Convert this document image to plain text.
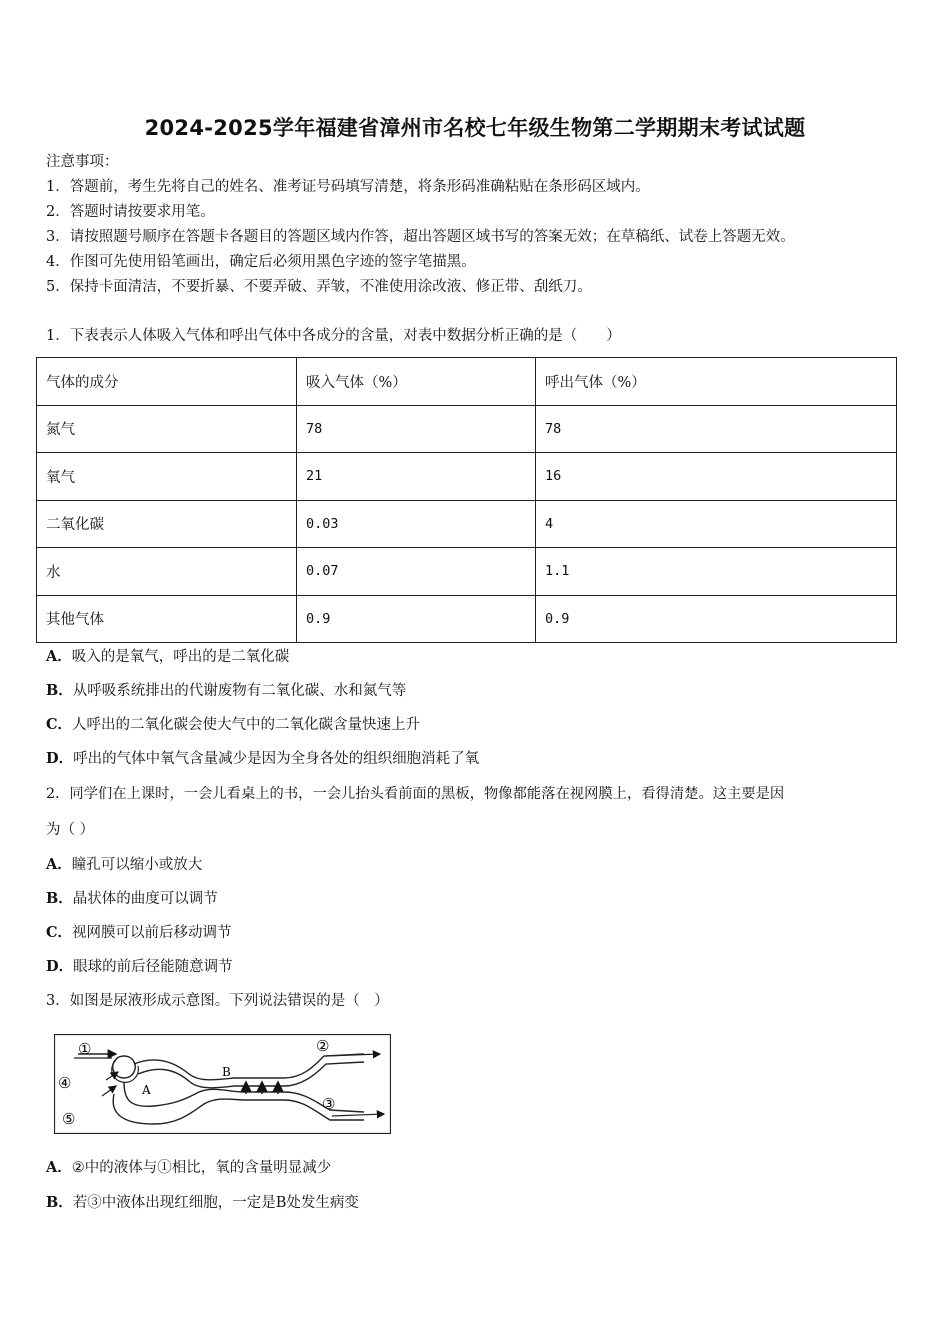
2024-2025学年福建省漳州市名校七年级生物第二学期期末考试试题
注意事项：
1．答题前，考生先将自己的姓名、准考证号码填写清楚，将条形码准确粘贴在条形码区域内。
2．答题时请按要求用笔。
3．请按照题号顺序在答题卡各题目的答题区域内作答，超出答题区域书写的答案无效；在草稿纸、试卷上答题无效。
4．作图可先使用铅笔画出，确定后必须用黑色字迹的签字笔描黑。
5．保持卡面清洁，不要折暴、不要弄破、弄皱，不准使用涂改液、修正带、刮纸刀。
1．下表表示人体吸入气体和呼出气体中各成分的含量，对表中数据分析正确的是（　　）
气体的成分	吸入气体（%）	呼出气体（%）
氮气	78	78
氧气	21	16
二氧化碳	0.03	4
水	0.07	1.1
其他气体	0.9	0.9
A．吸入的是氧气，呼出的是二氧化碳
B．从呼吸系统排出的代谢废物有二氧化碳、水和氮气等
C．人呼出的二氧化碳会使大气中的二氧化碳含量快速上升
D．呼出的气体中氧气含量减少是因为全身各处的组织细胞消耗了氧
2．同学们在上课时，一会儿看桌上的书，一会儿抬头看前面的黑板，物像都能落在视网膜上，看得清楚。这主要是因
为（ ）
A．瞳孔可以缩小或放大
B．晶状体的曲度可以调节
C．视网膜可以前后移动调节
D．眼球的前后径能随意调节
3．如图是尿液形成示意图。下列说法错误的是（　）
①	②
③
④
⑤
A
B
A．②中的液体与①相比，氧的含量明显减少
B．若③中液体出现红细胞，一定是B处发生病变
